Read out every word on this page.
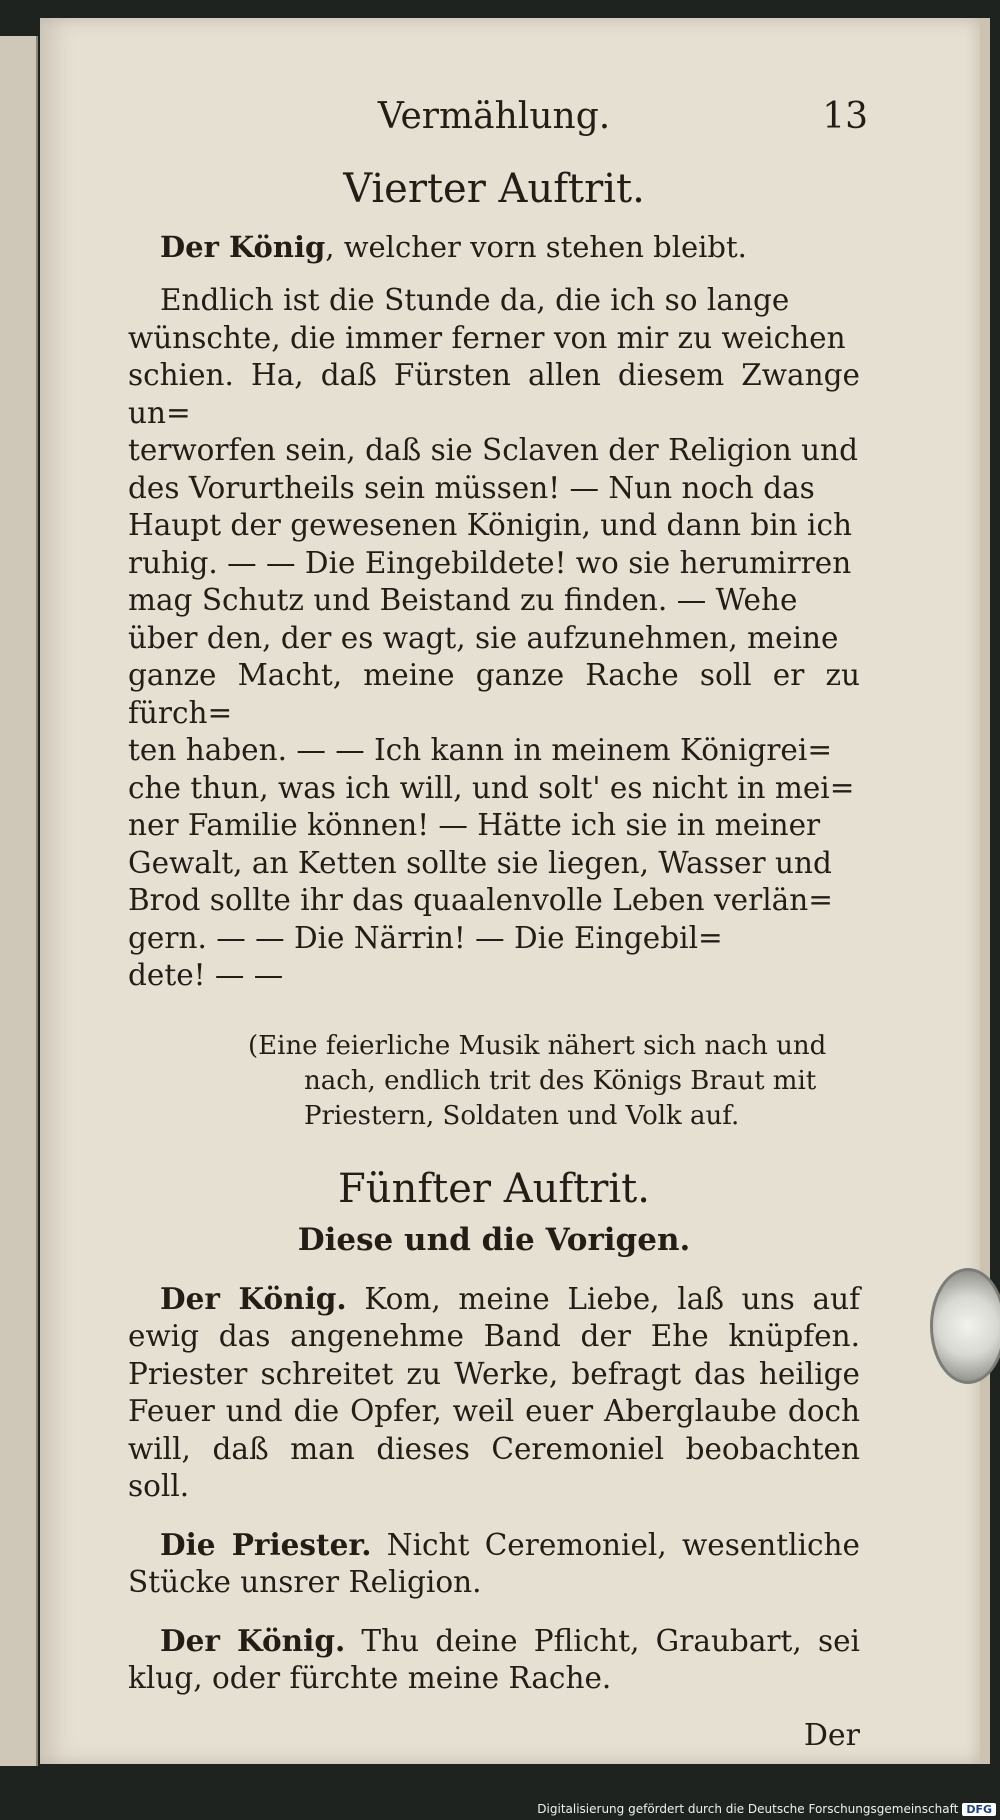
Vermählung.	13
Vierter Auftrit.
Der König, welcher vorn stehen bleibt.

Endlich ist die Stunde da, die ich so lange

wünschte, die immer ferner von mir zu weichen

schien. Ha, daß Fürsten allen diesem Zwange un=

terworfen sein, daß sie Sclaven der Religion und

des Vorurtheils sein müssen! — Nun noch das

Haupt der gewesenen Königin, und dann bin ich

ruhig. — — Die Eingebildete! wo sie herumirren

mag Schutz und Beistand zu finden. — Wehe

über den, der es wagt, sie aufzunehmen, meine

ganze Macht, meine ganze Rache soll er zu fürch=

ten haben. — — Ich kann in meinem Königrei=

che thun, was ich will, und solt' es nicht in mei=

ner Familie können! — Hätte ich sie in meiner

Gewalt, an Ketten sollte sie liegen, Wasser und

Brod sollte ihr das quaalenvolle Leben verlän=

gern. — — Die Närrin! — Die Eingebil=

dete! — —

(Eine feierliche Musik nähert sich nach und
nach, endlich trit des Königs Braut mit
Priestern, Soldaten und Volk auf.
Fünfter Auftrit.
Diese und die Vorigen.

Der König. Kom, meine Liebe, laß uns auf ewig das angenehme Band der Ehe knüpfen. Priester schreitet zu Werke, befragt das heilige Feuer und die Opfer, weil euer Aberglaube doch will, daß man dieses Ceremoniel beobachten soll.

Die Priester. Nicht Ceremoniel, wesentliche Stücke unsrer Religion.

Der König. Thu deine Pflicht, Graubart, sei klug, oder fürchte meine Rache.

Der
Digitalisierung gefördert durch die Deutsche Forschungsgemeinschaft DFG
